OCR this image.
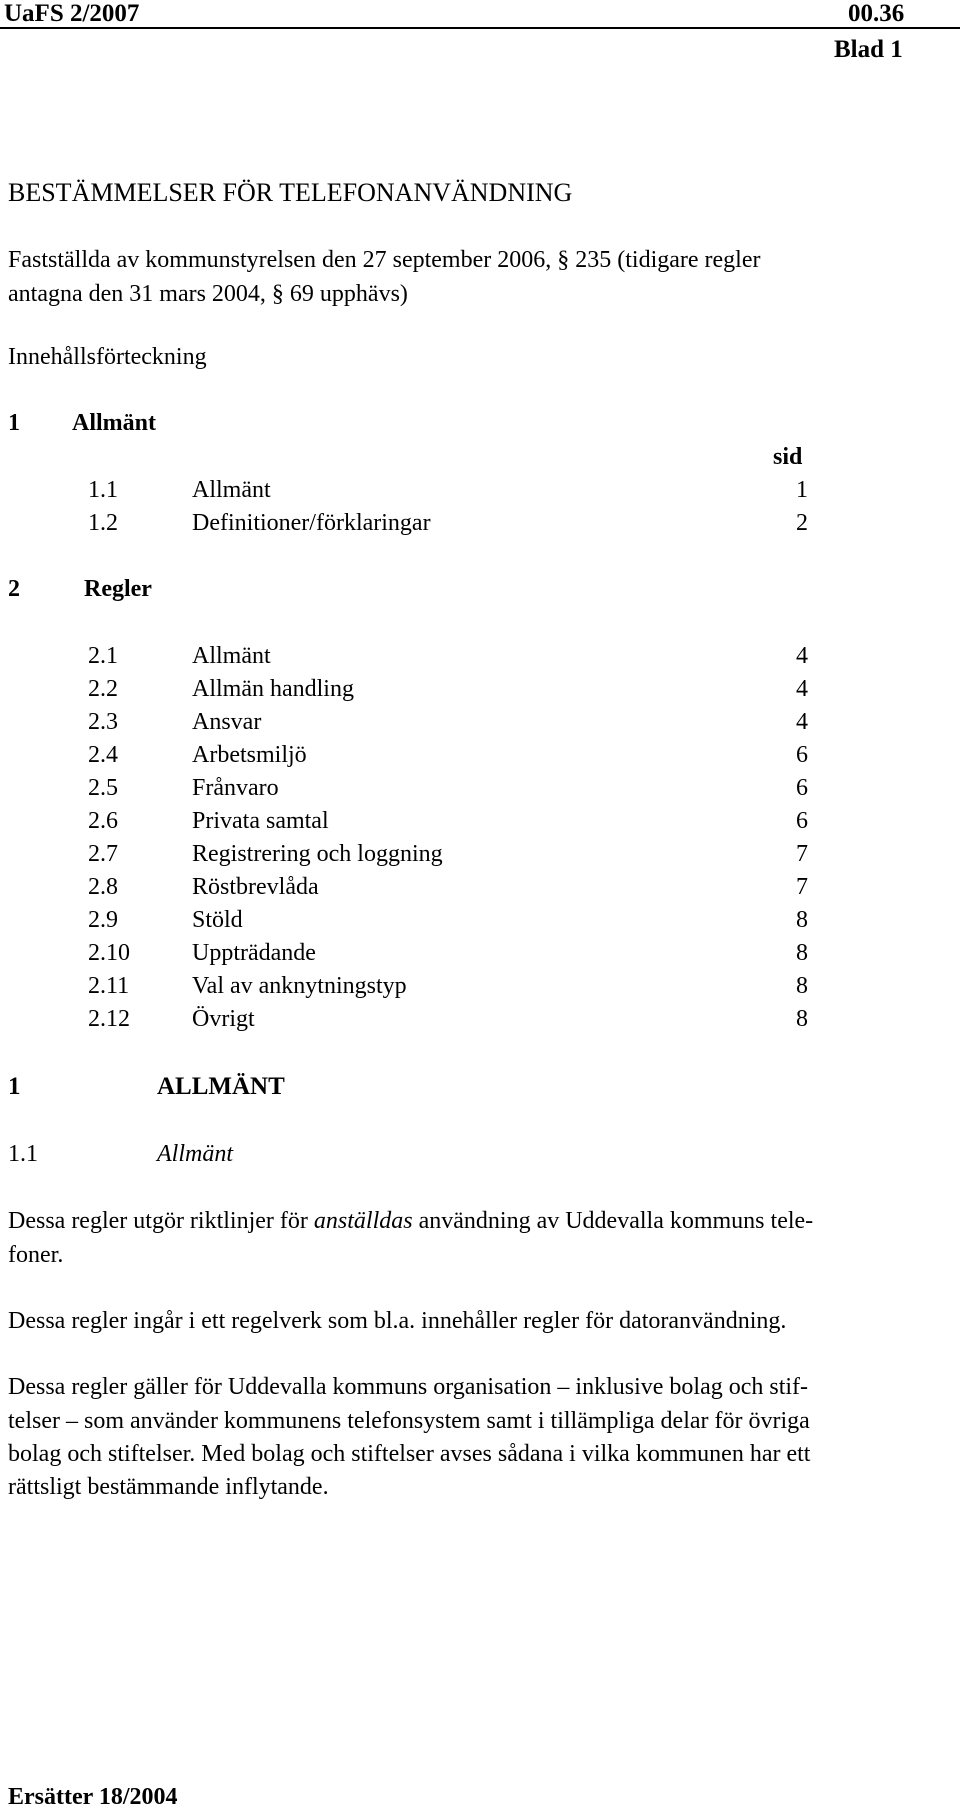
UaFS 2/2007	00.36
Blad 1
BESTÄMMELSER FÖR TELEFONANVÄNDNING
Fastställda av kommunstyrelsen den 27 september 2006, § 235 (tidigare regler
antagna den 31 mars 2004, § 69 upphävs)
Innehållsförteckning
1 Allmänt
sid
1.1	Allmänt	1
1.2	Definitioner/förklaringar	2
2	Regler
2.1	Allmänt	4
2.2	Allmän handling	4
2.3	Ansvar	4
2.4	Arbetsmiljö	6
2.5	Frånvaro	6
2.6	Privata samtal	6
2.7	Registrering och loggning	7
2.8	Röstbrevlåda	7
2.9	Stöld	8
2.10	Uppträdande	8
2.11	Val av anknytningstyp	8
2.12	Övrigt	8
1	ALLMÄNT
1.1	Allmänt
Dessa regler utgör riktlinjer för anställdas användning av Uddevalla kommuns tele-
foner.
Dessa regler ingår i ett regelverk som bl.a. innehåller regler för datoranvändning.
Dessa regler gäller för Uddevalla kommuns organisation – inklusive bolag och stif-
telser – som använder kommunens telefonsystem samt i tillämpliga delar för övriga
bolag och stiftelser. Med bolag och stiftelser avses sådana i vilka kommunen har ett
rättsligt bestämmande inflytande.
Ersätter 18/2004
